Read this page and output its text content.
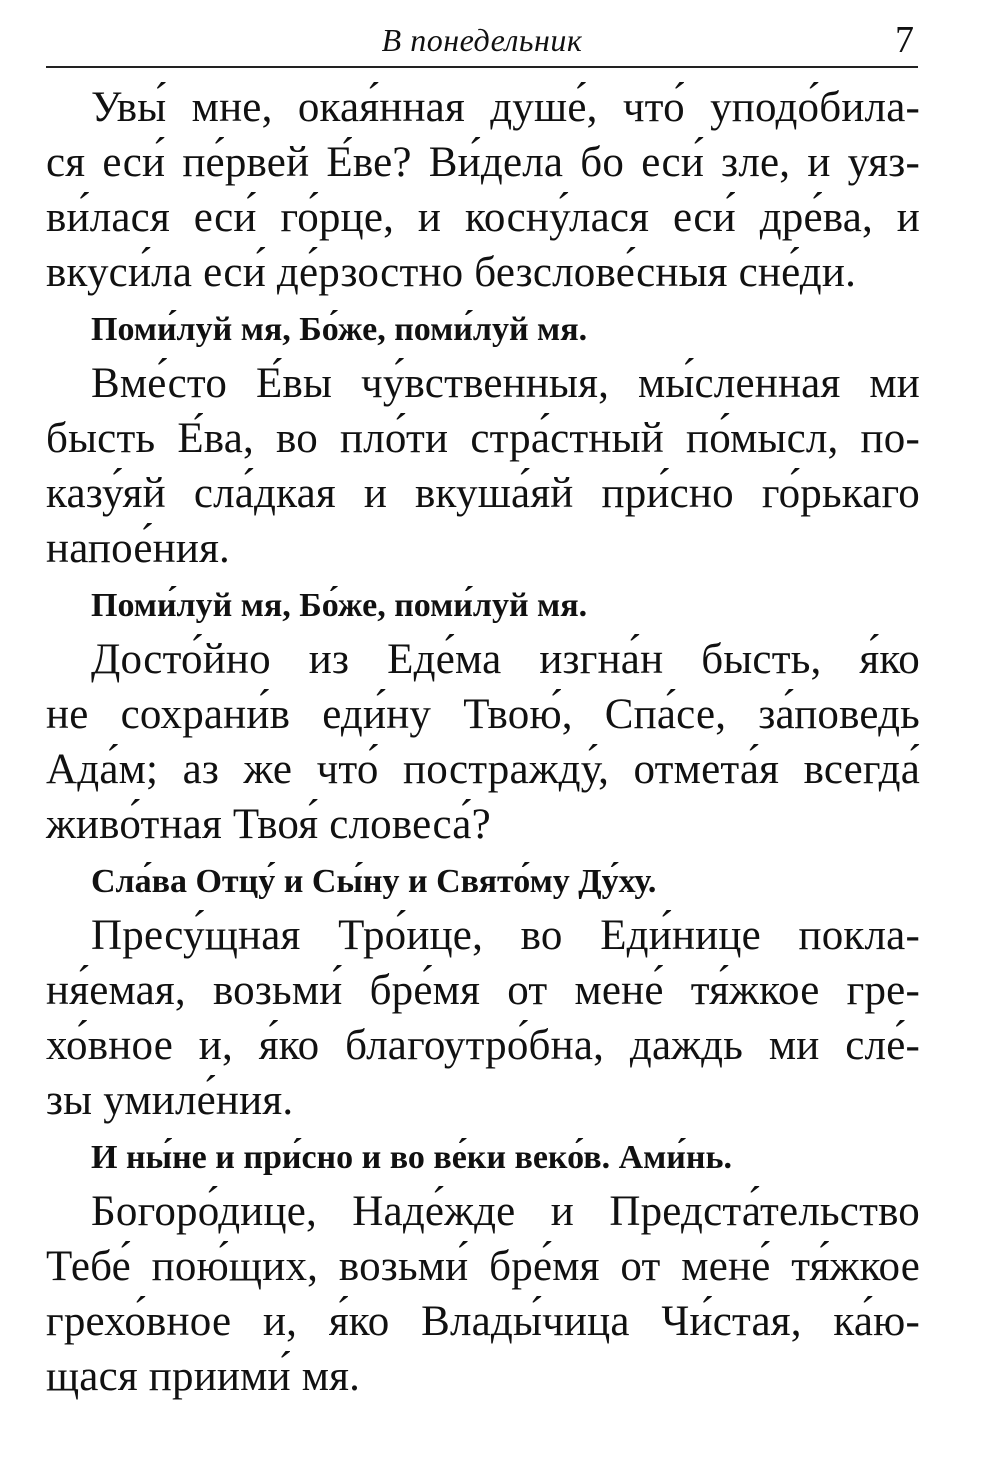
В понедельник	7
Увы́ мне, окая́нная душе́, что́ уподо́била-
ся еси́ пе́рвей Е́ве? Ви́дела бо еси́ зле, и уяз-
ви́лася еси́ го́рце, и косну́лася еси́ дре́ва, и
вкуси́ла еси́ де́рзостно безслове́сныя сне́ди.
Поми́луй мя, Бо́же, поми́луй мя.
Вме́сто Е́вы чу́вственныя, мы́сленная ми
бысть Е́ва, во пло́ти стра́стный по́мысл, по-
казу́яй сла́дкая и вкуша́яй при́сно го́рькаго
напое́ния.
Поми́луй мя, Бо́же, поми́луй мя.
Досто́йно из Еде́ма изгна́н бысть, я́ко
не сохрани́в еди́ну Твою́, Спа́се, за́поведь
Ада́м; аз же что́ постражду́, отмета́я всегда́
живо́тная Твоя́ словеса́?
Сла́ва Отцу́ и Сы́ну и Свято́му Ду́ху.
Пресу́щная Тро́ице, во Еди́нице покла-
ня́емая, возьми́ бре́мя от мене́ тя́жкое гре-
хо́вное и, я́ко благоутро́бна, даждь ми сле́-
зы умиле́ния.
И ны́не и при́сно и во ве́ки веко́в. Ами́нь.
Богоро́дице, Наде́жде и Предста́тельство
Тебе́ пою́щих, возьми́ бре́мя от мене́ тя́жкое
грехо́вное и, я́ко Влады́чица Чи́стая, ка́ю-
щася приими́ мя.
